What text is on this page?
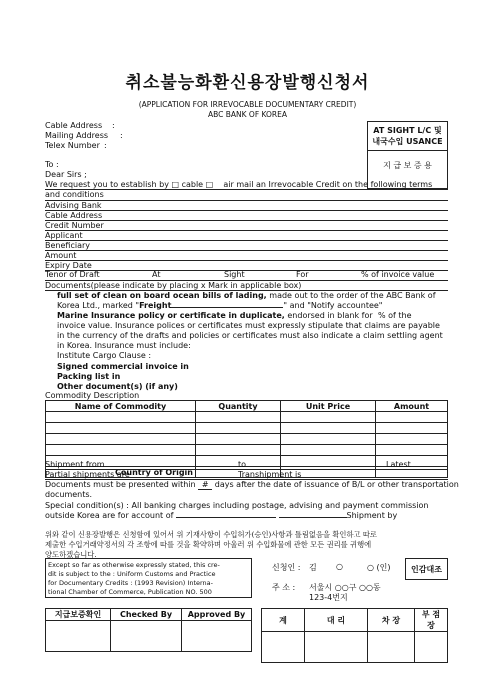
취소불능화환신용장발행신청서
(APPLICATION FOR IRREVOCABLE DOCUMENTARY CREDIT)
ABC BANK OF KOREA
Cable Address :
Mailing Address :
Telex Number :
AT SIGHT L/C 및
내국수입 USANCE
지 급 보 증 용
To :
Dear Sirs ;
We request you to establish by □ cable □ air mail an Irrevocable Credit on the following terms
and conditions
Advising Bank
Cable Address
Credit Number
Applicant
Beneficiary
Amount
Expiry Date
Tenor of Draft	At	Sight	For	% of invoice value
Documents(please indicate by placing x Mark in applicable box)
full set of clean on board ocean bills of lading, made out to the order of the ABC Bank of
Korea Ltd., marked "Freight	" and "Notify accountee"
Marine Insurance policy or certificate in duplicate, endorsed in blank for % of the
invoice value. Insurance polices or certificates must expressly stipulate that claims are payable
in the currency of the drafts and policies or certificates must also indicate a claim settling agent
in Korea. Insurance must include:
Institute Cargo Clause :
Signed commercial invoice in
Packing list in
Other document(s) (if any)
Commodity Description
Name of Commodity	Quantity	Unit Price	Amount

Country of Origin			
Shipment from	to	Latest
Partial shipments are	Transhipment is
Documents must be presented within # days after the date of issuance of B/L or other transportation
documents.
Special condition(s) : All banking charges including postage, advising and payment commission
outside Korea are for account of	Shipment by
위와 같이 신용장발행은 신청함에 있어서 위 기재사항이 수입허가(승인)사항과 틀림없음을 확인하고 따로
제출한 수입거래약정서의 각 조항에 따를 것을 확약하며 아울러 위 수입화물에 관한 모든 권리를 귀행에
양도하겠습니다.
Except so far as otherwise expressly stated, this cre-
dit is subject to the : Uniform Customs and Practice
for Documentary Credits : (1993 Revision) Interna-
tional Chamber of Commerce, Publication NO. 500
신청인 : 김 ○	○ (인)
주 소 : 서울시 ○○구 ○○동
123-4번지
인감대조
지급보증확인	Checked By	Approved By

계	대 리	차 장	부 점 장
